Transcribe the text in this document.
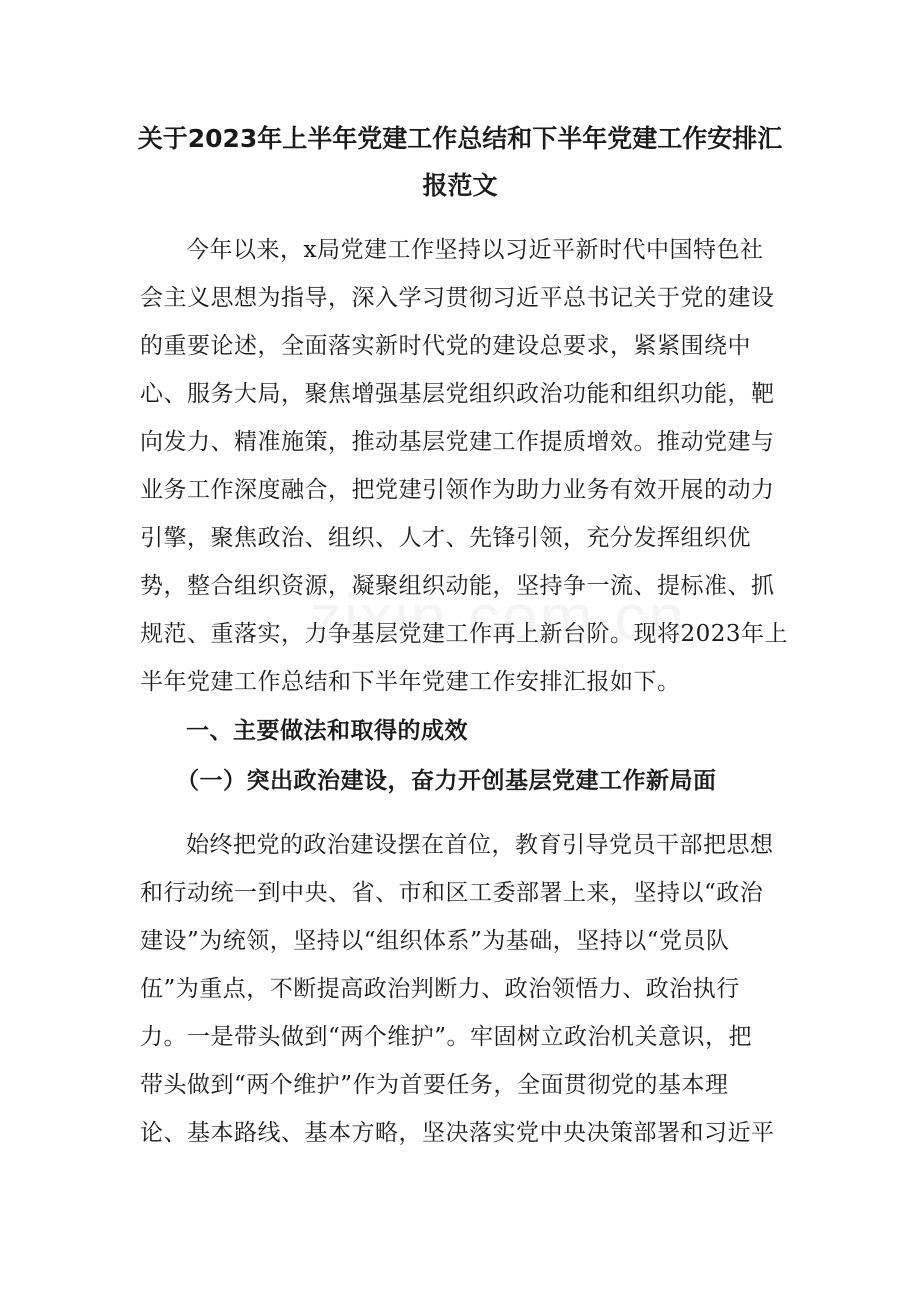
关于2023年上半年党建工作总结和下半年党建工作安排汇
报范文
今年以来，x局党建工作坚持以习近平新时代中国特色社
会主义思想为指导，深入学习贯彻习近平总书记关于党的建设
的重要论述，全面落实新时代党的建设总要求，紧紧围绕中
心、服务大局，聚焦增强基层党组织政治功能和组织功能，靶
向发力、精准施策，推动基层党建工作提质增效。推动党建与
业务工作深度融合，把党建引领作为助力业务有效开展的动力
引擎，聚焦政治、组织、人才、先锋引领，充分发挥组织优
势，整合组织资源，凝聚组织动能，坚持争一流、提标准、抓
规范、重落实，力争基层党建工作再上新台阶。现将2023年上
半年党建工作总结和下半年党建工作安排汇报如下。
一、主要做法和取得的成效
（一）突出政治建设，奋力开创基层党建工作新局面
始终把党的政治建设摆在首位，教育引导党员干部把思想
和行动统一到中央、省、市和区工委部署上来，坚持以“政治
建设”为统领，坚持以“组织体系”为基础，坚持以“党员队
伍”为重点，不断提高政治判断力、政治领悟力、政治执行
力。一是带头做到“两个维护”。牢固树立政治机关意识，把
带头做到“两个维护”作为首要任务，全面贯彻党的基本理
论、基本路线、基本方略，坚决落实党中央决策部署和习近平
